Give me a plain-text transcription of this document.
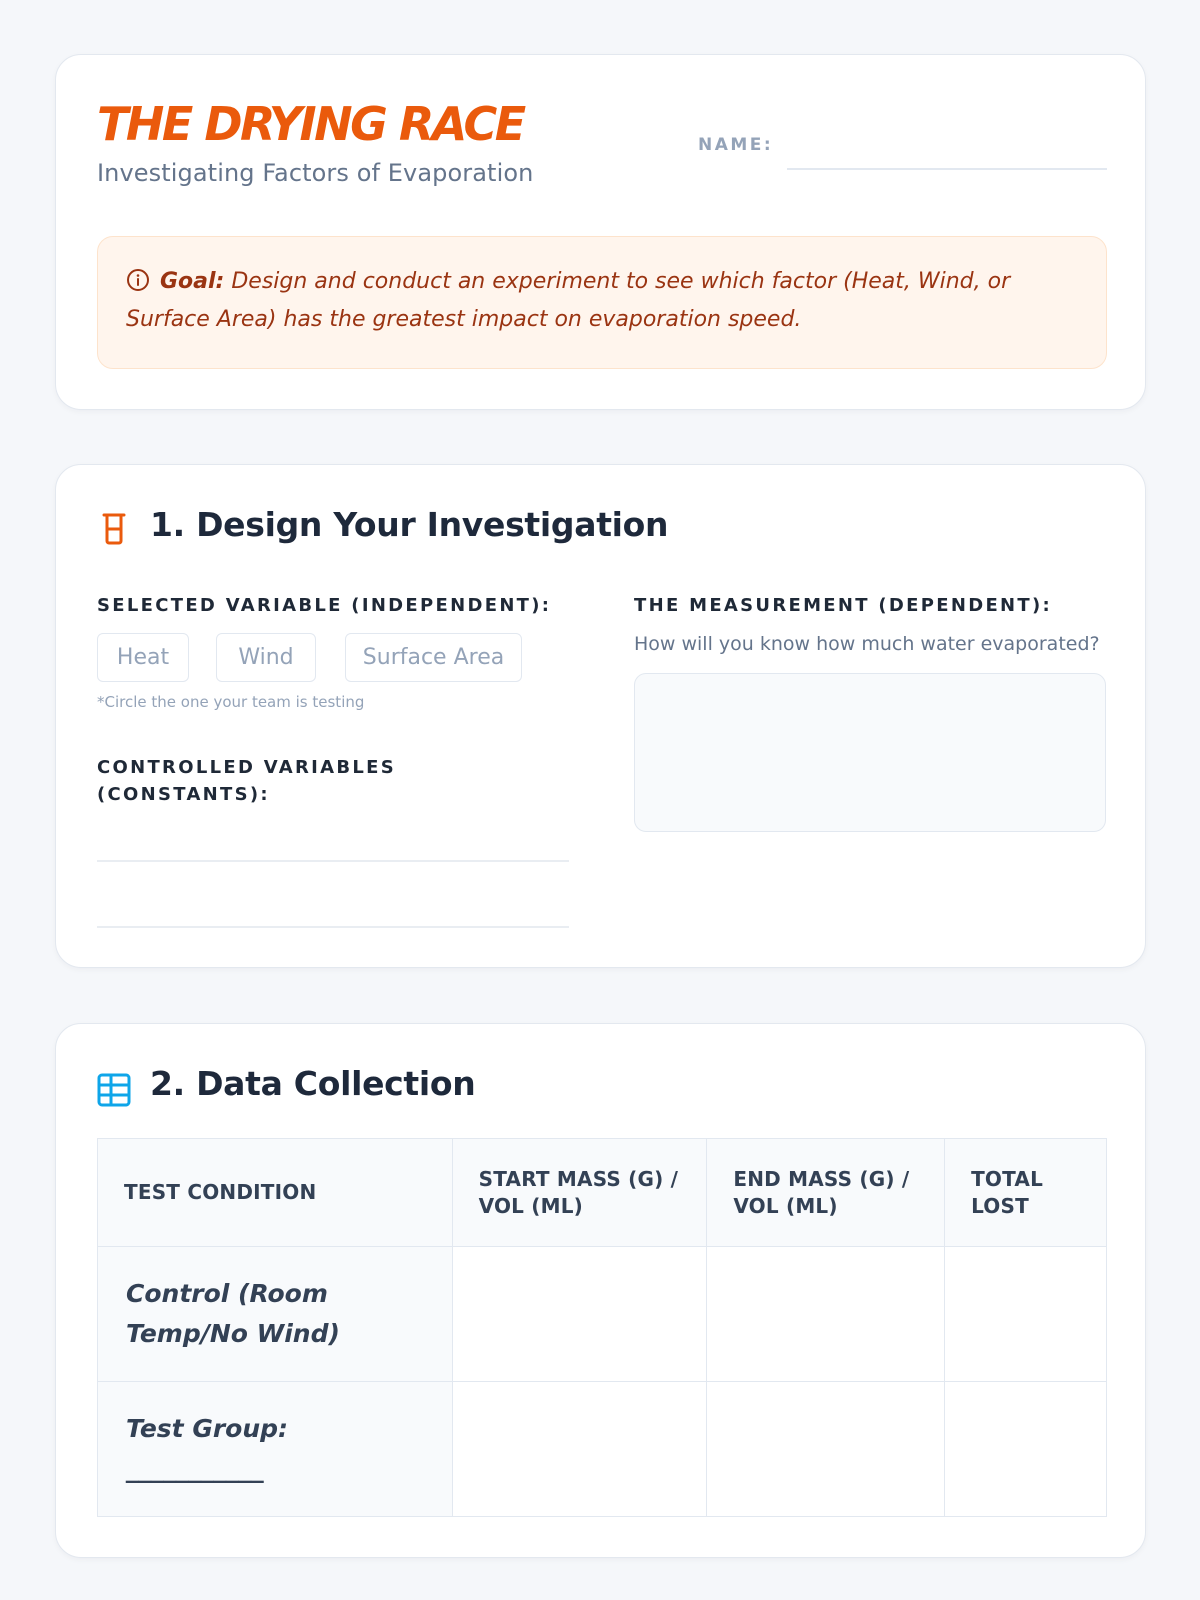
THE DRYING RACE
Investigating Factors of Evaporation
NAME:
Goal: Design and conduct an experiment to see which factor (Heat, Wind, or Surface Area) has the greatest impact on evaporation speed.
1. Design Your Investigation
SELECTED VARIABLE (INDEPENDENT):
Heat	Wind	Surface Area
*Circle the one your team is testing
CONTROLLED VARIABLES (CONSTANTS):
THE MEASUREMENT (DEPENDENT):
How will you know how much water evaporated?
2. Data Collection
TEST CONDITION	START MASS (G) / VOL (ML)	END MASS (G) / VOL (ML)	TOTAL LOST
Control (Room Temp/No Wind)			
Test Group:
___________			
